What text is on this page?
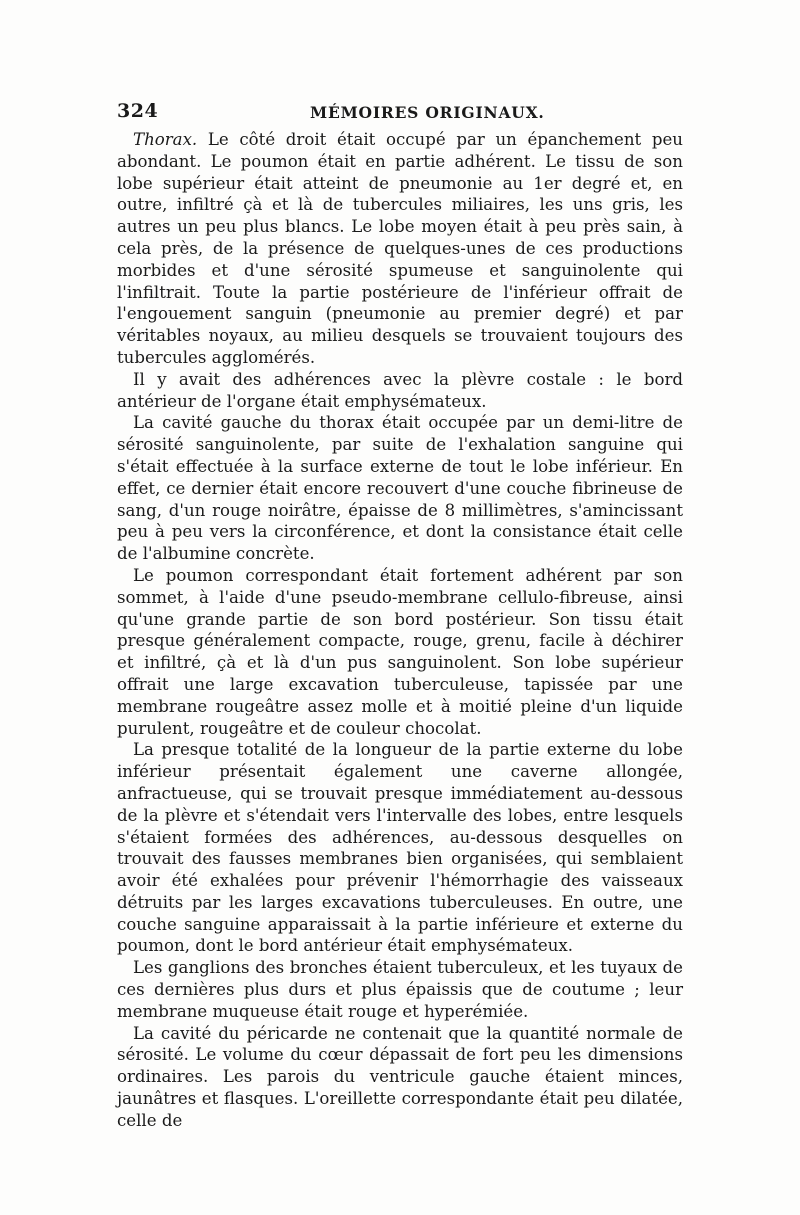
324	MÉMOIRES ORIGINAUX.

Thorax. Le côté droit était occupé par un épanchement peu abondant. Le poumon était en partie adhérent. Le tissu de son lobe supérieur était atteint de pneumonie au 1er degré et, en outre, infiltré çà et là de tubercules miliaires, les uns gris, les autres un peu plus blancs. Le lobe moyen était à peu près sain, à cela près, de la présence de quelques-unes de ces productions morbides et d'une sérosité spumeuse et sanguinolente qui l'infiltrait. Toute la partie postérieure de l'inférieur offrait de l'engouement sanguin (pneumonie au premier degré) et par véritables noyaux, au milieu desquels se trouvaient toujours des tubercules agglomérés.

Il y avait des adhérences avec la plèvre costale : le bord antérieur de l'organe était emphysémateux.

La cavité gauche du thorax était occupée par un demi-litre de sérosité sanguinolente, par suite de l'exhalation sanguine qui s'était effectuée à la surface externe de tout le lobe inférieur. En effet, ce dernier était encore recouvert d'une couche fibrineuse de sang, d'un rouge noirâtre, épaisse de 8 millimètres, s'amincissant peu à peu vers la circonférence, et dont la consistance était celle de l'albumine concrète.

Le poumon correspondant était fortement adhérent par son sommet, à l'aide d'une pseudo-membrane cellulo-fibreuse, ainsi qu'une grande partie de son bord postérieur. Son tissu était presque généralement compacte, rouge, grenu, facile à déchirer et infiltré, çà et là d'un pus sanguinolent. Son lobe supérieur offrait une large excavation tuberculeuse, tapissée par une membrane rougeâtre assez molle et à moitié pleine d'un liquide purulent, rougeâtre et de couleur chocolat.

La presque totalité de la longueur de la partie externe du lobe inférieur présentait également une caverne allongée, anfractueuse, qui se trouvait presque immédiatement au-dessous de la plèvre et s'étendait vers l'intervalle des lobes, entre lesquels s'étaient formées des adhérences, au-dessous desquelles on trouvait des fausses membranes bien organisées, qui semblaient avoir été exhalées pour prévenir l'hémorrhagie des vaisseaux détruits par les larges excavations tuberculeuses. En outre, une couche sanguine apparaissait à la partie inférieure et externe du poumon, dont le bord antérieur était emphysémateux.

Les ganglions des bronches étaient tuberculeux, et les tuyaux de ces dernières plus durs et plus épaissis que de coutume ; leur membrane muqueuse était rouge et hyperémiée.

La cavité du péricarde ne contenait que la quantité normale de sérosité. Le volume du cœur dépassait de fort peu les dimensions ordinaires. Les parois du ventricule gauche étaient minces, jaunâtres et flasques. L'oreillette correspondante était peu dilatée, celle de
